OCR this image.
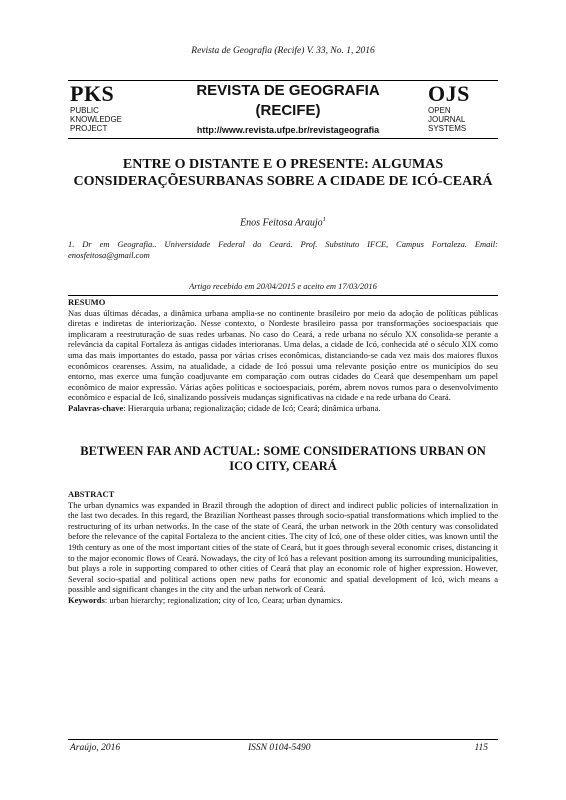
Revista de Geografia (Recife) V. 33, No. 1, 2016
PKS
PUBLIC
KNOWLEDGE
PROJECT
REVISTA DE GEOGRAFIA
(RECIFE)
http://www.revista.ufpe.br/revistageografia
OJS
OPEN
JOURNAL
SYSTEMS
ENTRE O DISTANTE E O PRESENTE: ALGUMAS CONSIDERAÇÕESURBANAS SOBRE A CIDADE DE ICÓ-CEARÁ
Enos Feitosa Araujo$^1$
1. Dr em Geografia.. Universidade Federal do Ceará. Prof. Substituto IFCE, Campus Fortaleza. Email: enosfeitosa@gmail.com
Artigo recebido em 20/04/2015 e aceito em 17/03/2016
RESUMO
Nas duas últimas décadas, a dinâmica urbana amplia-se no continente brasileiro por meio da adoção de políticas públicas diretas e indiretas de interiorização. Nesse contexto, o Nordeste brasileiro passa por transformações socioespaciais que implicaram a reestruturação de suas redes urbanas. No caso do Ceará, a rede urbana no século XX consolida-se perante a relevância da capital Fortaleza às antigas cidades interioranas. Uma delas, a cidade de Icó, conhecida até o século XIX como uma das mais importantes do estado, passa por várias crises econômicas, distanciando-se cada vez mais dos maiores fluxos econômicos cearenses. Assim, na atualidade, a cidade de Icó possui uma relevante posição entre os municípios do seu entorno, mas exerce uma função coadjuvante em comparação com outras cidades do Ceará que desempenham um papel econômico de maior expressão. Várias ações políticas e socioespaciais, porém, abrem novos rumos para o desenvolvimento econômico e espacial de Icó, sinalizando possíveis mudanças significativas na cidade e na rede urbana do Ceará.
Palavras-chave: Hierarquia urbana; regionalização; cidade de Icó; Ceará; dinâmica urbana.
BETWEEN FAR AND ACTUAL: SOME CONSIDERATIONS URBAN ON ICO CITY, CEARÁ
ABSTRACT
The urban dynamics was expanded in Brazil through the adoption of direct and indirect public policies of internalization in the last two decades. In this regard, the Brazilian Northeast passes through socio-spatial transformations which implied to the restructuring of its urban networks. In the case of the state of Ceará, the urban network in the 20th century was consolidated before the relevance of the capital Fortaleza to the ancient cities. The city of Icó, one of these older cities, was known until the 19th century as one of the most important cities of the state of Ceará, but it goes through several economic crises, distancing it to the major economic flows of Ceará. Nowadays, the city of Icó has a relevant position among its surrounding municipalities, but plays a role in supporting compared to other cities of Ceará that play an economic role of higher expression. However, Several socio-spatial and political actions open new paths for economic and spatial development of Icó, wich means a possible and significant changes in the city and the urban network of Ceará.
Keywords: urban hierarchy; regionalization; city of Ico, Ceara; urban dynamics.
Araújo, 2016	ISSN 0104-5490	115
